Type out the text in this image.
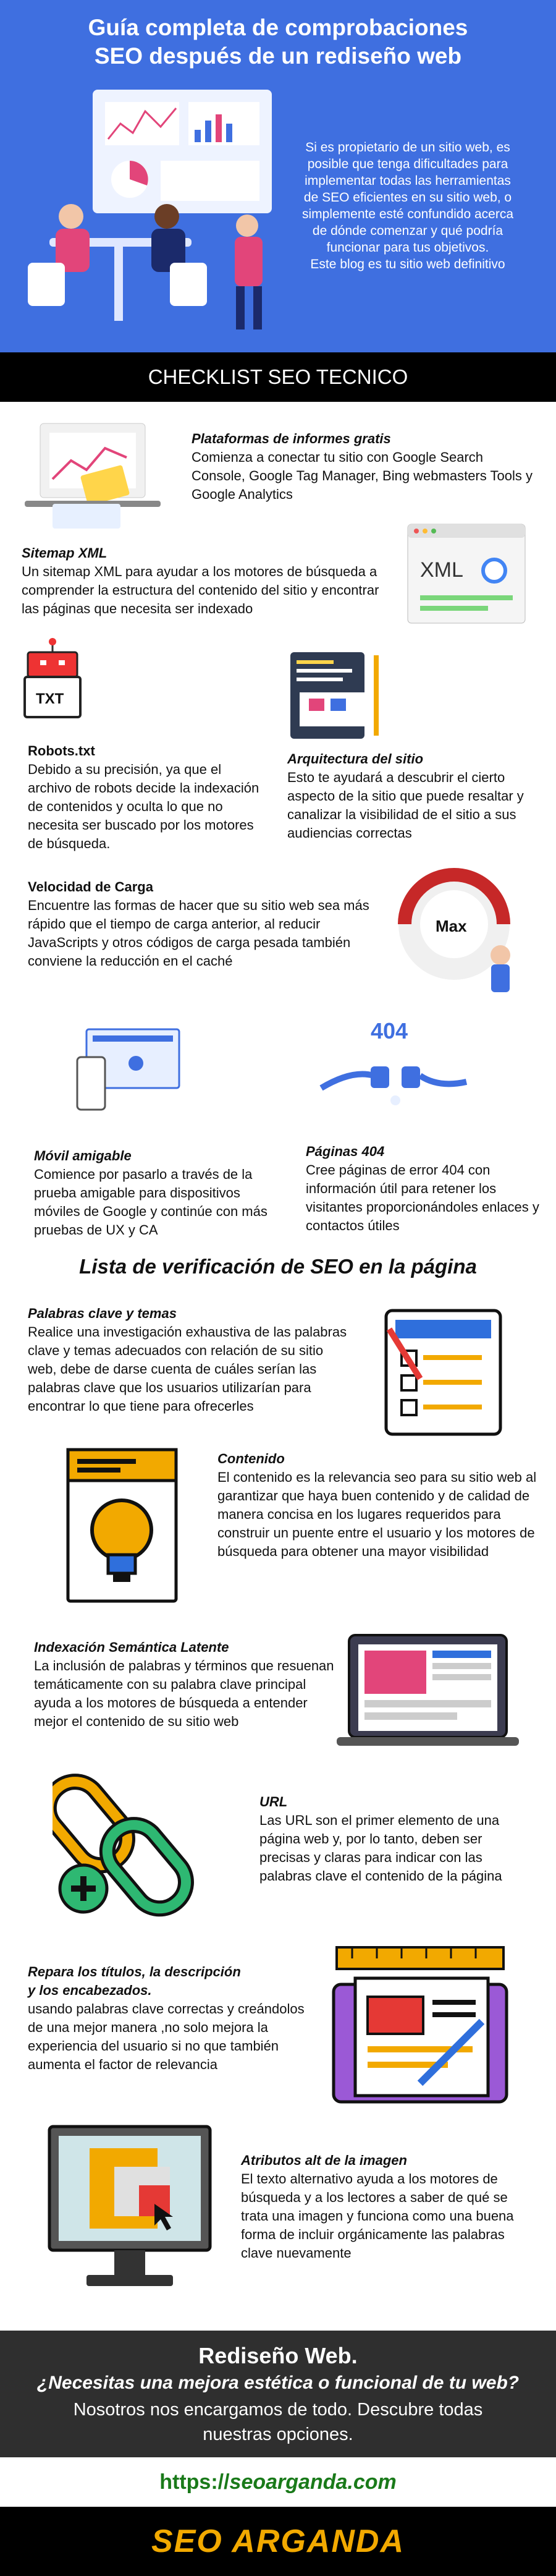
Guía completa de comprobaciones
SEO después de un rediseño web
Si es propietario de un sitio web, es posible que tenga dificultades para implementar todas las herramientas de SEO eficientes en su sitio web, o simplemente esté confundido acerca de dónde comenzar y qué podría funcionar para tus objetivos.
Este blog es tu sitio web definitivo
CHECKLIST SEO TECNICO
Plataformas de informes gratis
Comienza a conectar tu sitio con Google Search Console, Google Tag Manager, Bing webmasters Tools y Google Analytics
Sitemap XML
Un sitemap XML para ayudar a los motores de búsqueda a comprender la estructura del contenido del sitio y encontrar las páginas que necesita ser indexado
XML
TXT
Robots.txt
Debido a su precisión, ya que el archivo de robots decide la indexación de contenidos y oculta lo que no necesita ser buscado por los motores de búsqueda.
Arquitectura del sitio
Esto te ayudará a descubrir el cierto aspecto de la sitio que puede resaltar y canalizar la visibilidad de el sitio a sus audiencias correctas
Velocidad de Carga
Encuentre las formas de hacer que su sitio web sea más rápido que el tiempo de carga anterior, al reducir JavaScripts y otros códigos de carga pesada también conviene la reducción en el caché
Max
404
Móvil amigable
Comience por pasarlo a través de la prueba amigable para dispositivos móviles de Google y continúe con más pruebas de UX y CA
Páginas 404
Cree páginas de error 404 con información útil para retener los visitantes proporcionándoles enlaces y contactos útiles
Lista de verificación de SEO en la página
Palabras clave y temas
Realice una investigación exhaustiva de las palabras clave y temas adecuados con relación de su sitio web, debe de darse cuenta de cuáles serían las palabras clave que los usuarios utilizarían para encontrar lo que tiene para ofrecerles
Contenido
El contenido es la relevancia seo para su sitio web al garantizar que haya buen contenido y de calidad de manera concisa en los lugares requeridos para construir un puente entre el usuario y los motores de búsqueda para obtener una mayor visibilidad
Indexación Semántica Latente
La inclusión de palabras y términos que resuenan temáticamente con su palabra clave principal ayuda a los motores de búsqueda a entender mejor el contenido de su sitio web
URL
Las URL son el primer elemento de una página web y, por lo tanto, deben ser precisas y claras para indicar con las palabras clave el contenido de la página
Repara los títulos, la descripción
y los encabezados.
usando palabras clave correctas y creándolos de una mejor manera ,no solo mejora la experiencia del usuario si no que también aumenta el factor de relevancia
Atributos alt de la imagen
El texto alternativo ayuda a los motores de búsqueda y a los lectores a saber de qué se trata una imagen y funciona como una buena forma de incluir orgánicamente las palabras clave nuevamente
Rediseño Web.
¿Necesitas una mejora estética o funcional de tu web?
Nosotros nos encargamos de todo. Descubre todas nuestras opciones.
https://seoarganda.com
SEO ARGANDA
